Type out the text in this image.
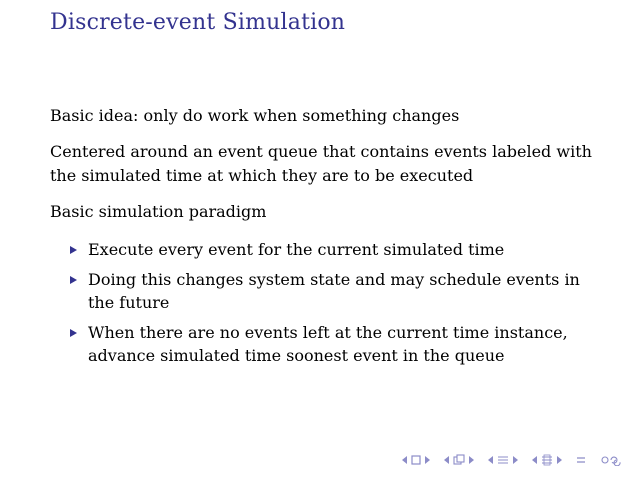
Discrete-event Simulation
Basic idea: only do work when something changes
Centered around an event queue that contains events labeled with
the simulated time at which they are to be executed
Basic simulation paradigm
Execute every event for the current simulated time
Doing this changes system state and may schedule events in
the future
When there are no events left at the current time instance,
advance simulated time soonest event in the queue
